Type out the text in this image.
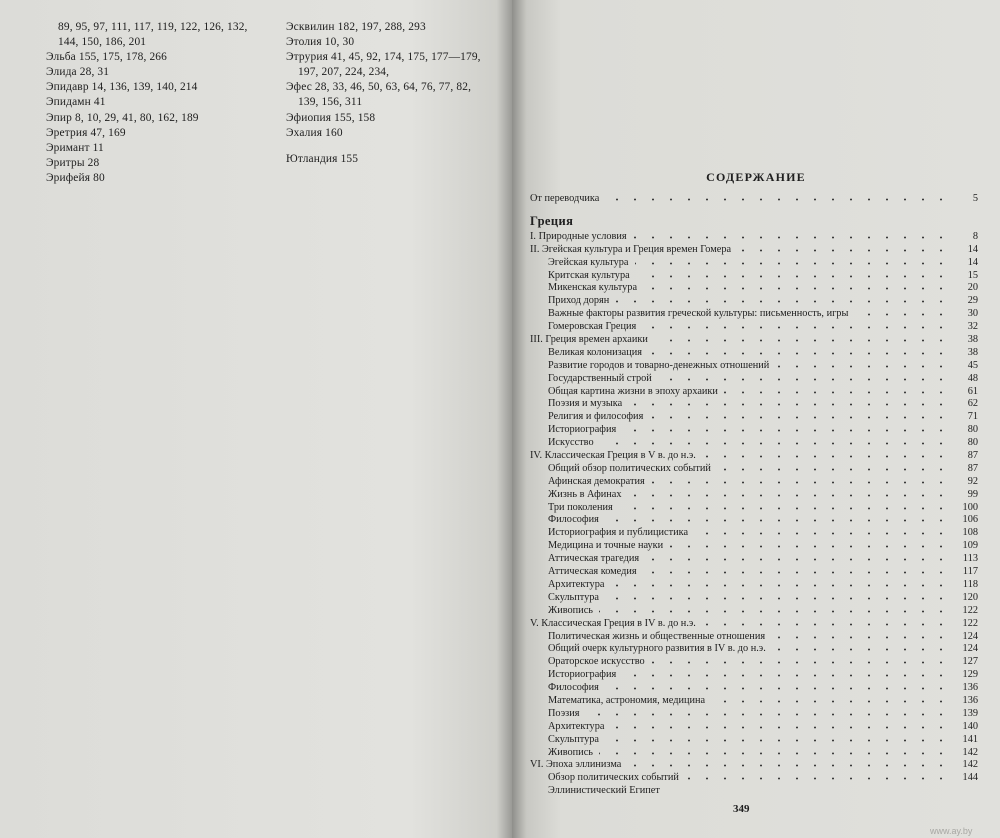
89, 95, 97, 111, 117, 119, 122, 126, 132,
144, 150, 186, 201
Эльба 155, 175, 178, 266
Элида 28, 31
Эпидавр 14, 136, 139, 140, 214
Эпидамн 41
Эпир 8, 10, 29, 41, 80, 162, 189
Эретрия 47, 169
Эримант 11
Эритры 28
Эрифейя 80
Эсквилин 182, 197, 288, 293
Этолия 10, 30
Этрурия 41, 45, 92, 174, 175, 177—179,
197, 207, 224, 234,
Эфес 28, 33, 46, 50, 63, 64, 76, 77, 82,
139, 156, 311
Эфиопия 155, 158
Эхалия 160
Ютландия 155
СОДЕРЖАНИЕ
От переводчика	5
Греция
I. Природные условия	8
II. Эгейская культура и Греция времен Гомера	14
Эгейская культура	14
Критская культура	15
Микенская культура	20
Приход дорян	29
Важные факторы развития греческой культуры: письменность, игры	30
Гомеровская Греция	32
III. Греция времен архаики	38
Великая колонизация	38
Развитие городов и товарно-денежных отношений	45
Государственный строй	48
Общая картина жизни в эпоху архаики	61
Поэзия и музыка	62
Религия и философия	71
Историография	80
Искусство	80
IV. Классическая Греция в V в. до н.э.	87
Общий обзор политических событий	87
Афинская демократия	92
Жизнь в Афинах	99
Три поколения	100
Философия	106
Историография и публицистика	108
Медицина и точные науки	109
Аттическая трагедия	113
Аттическая комедия	117
Архитектура	118
Скульптура	120
Живопись	122
V. Классическая Греция в IV в. до н.э.	122
Политическая жизнь и общественные отношения	124
Общий очерк культурного развития в IV в. до н.э.	124
Ораторское искусство	127
Историография	129
Философия	136
Математика, астрономия, медицина	136
Поэзия	139
Архитектура	140
Скульптура	141
Живопись	142
VI. Эпоха эллинизма	142
Обзор политических событий	144
Эллинистический Египет
349
www.ay.by
